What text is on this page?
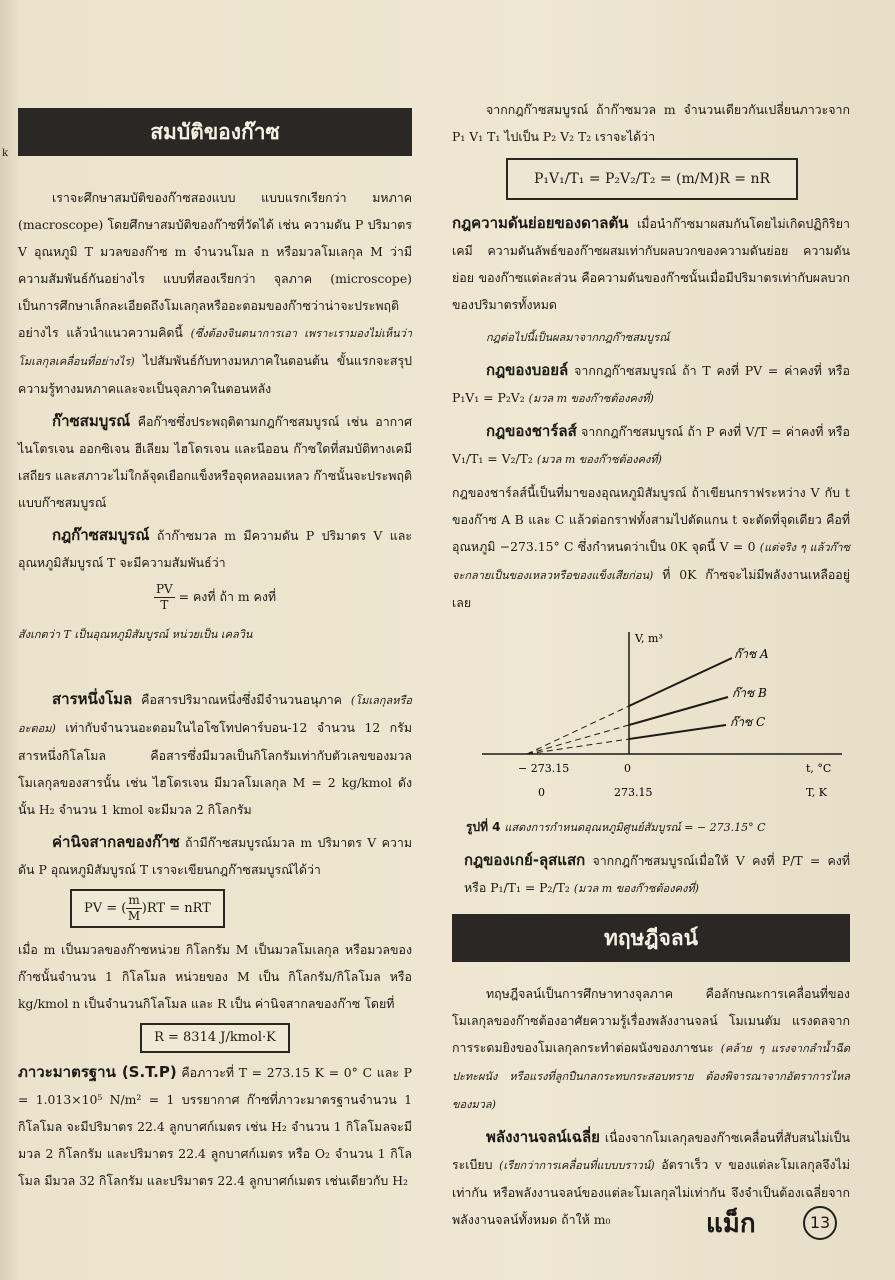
k
สมบัติของก๊าซ

เราจะศึกษาสมบัติของก๊าซสองแบบ แบบแรกเรียกว่า มหภาค (macroscope) โดยศึกษาสมบัติของก๊าซที่วัดได้ เช่น ความดัน P ปริมาตร V อุณหภูมิ T มวลของก๊าซ m จำนวนโมล n หรือมวลโมเลกุล M ว่ามีความสัมพันธ์กันอย่างไร แบบที่สองเรียกว่า จุลภาค (microscope) เป็นการศึกษาเล็กละเอียดถึงโมเลกุลหรืออะตอมของก๊าซว่าน่าจะประพฤติอย่างไร แล้วนำแนวความคิดนี้ (ซึ่งต้องจินตนาการเอา เพราะเรามองไม่เห็นว่าโมเลกุลเคลื่อนที่อย่างไร) ไปสัมพันธ์กับทางมหภาคในตอนต้น ขั้นแรกจะสรุปความรู้ทางมหภาคและจะเป็นจุลภาคในตอนหลัง

ก๊าซสมบูรณ์ คือก๊าซซึ่งประพฤติตามกฎก๊าซสมบูรณ์ เช่น อากาศ ไนโตรเจน ออกซิเจน ฮีเลียม ไฮโดรเจน และนีออน ก๊าซใดที่สมบัติทางเคมีเสถียร และสภาวะไม่ใกล้จุดเยือกแข็งหรือจุดหลอมเหลว ก๊าซนั้นจะประพฤติแบบก๊าซสมบูรณ์

กฎก๊าซสมบูรณ์ ถ้าก๊าซมวล m มีความดัน P ปริมาตร V และอุณหภูมิสัมบูรณ์ T จะมีความสัมพันธ์ว่า

$\frac{PV}{T}$ = คงที่ ถ้า m คงที่

สังเกตว่า T เป็นอุณหภูมิสัมบูรณ์ หน่วยเป็น เคลวิน

สารหนึ่งโมล คือสารปริมาณหนึ่งซึ่งมีจำนวนอนุภาค (โมเลกุลหรืออะตอม) เท่ากับจำนวนอะตอมในไอโซโทปคาร์บอน-12 จำนวน 12 กรัม สารหนึ่งกิโลโมล คือสารซึ่งมีมวลเป็นกิโลกรัมเท่ากับตัวเลขของมวลโมเลกุลของสารนั้น เช่น ไฮโดรเจน มีมวลโมเลกุล M = 2 kg/kmol ดังนั้น H₂ จำนวน 1 kmol จะมีมวล 2 กิโลกรัม

ค่านิจสากลของก๊าซ ถ้ามีก๊าซสมบูรณ์มวล m ปริมาตร V ความดัน P อุณหภูมิสัมบูรณ์ T เราจะเขียนกฎก๊าซสมบูรณ์ได้ว่า

PV = ( $\frac{m}{M} )RT$ = nRT

เมื่อ m เป็นมวลของก๊าซหน่วย กิโลกรัม M เป็นมวลโมเลกุล หรือมวลของก๊าซนั้นจำนวน 1 กิโลโมล หน่วยของ M เป็น กิโลกรัม/กิโลโมล หรือ kg/kmol n เป็นจำนวนกิโลโมล และ R เป็น ค่านิจสากลของก๊าซ โดยที่

R = 8314 J/kmol·K

ภาวะมาตรฐาน (S.T.P) คือภาวะที่ T = 273.15 K = 0° C และ P = 1.013×10⁵ N/m² = 1 บรรยากาศ ก๊าซที่ภาวะมาตรฐานจำนวน 1 กิโลโมล จะมีปริมาตร 22.4 ลูกบาศก์เมตร เช่น H₂ จำนวน 1 กิโลโมลจะมีมวล 2 กิโลกรัม และปริมาตร 22.4 ลูกบาศก์เมตร หรือ O₂ จำนวน 1 กิโลโมล มีมวล 32 กิโลกรัม และปริมาตร 22.4 ลูกบาศก์เมตร เช่นเดียวกับ H₂

จากกฎก๊าซสมบูรณ์ ถ้าก๊าซมวล m จำนวนเดียวกันเปลี่ยนภาวะจาก P₁ V₁ T₁ ไปเป็น P₂ V₂ T₂ เราจะได้ว่า

P₁V₁/T₁ = P₂V₂/T₂ = (m/M)R = nR

กฎความดันย่อยของดาลตัน เมื่อนำก๊าซมาผสมกันโดยไม่เกิดปฏิกิริยาเคมี ความดันลัพธ์ของก๊าซผสมเท่ากับผลบวกของความดันย่อย ความดันย่อย ของก๊าซแต่ละส่วน คือความดันของก๊าซนั้นเมื่อมีปริมาตรเท่ากับผลบวกของปริมาตรทั้งหมด

กฎต่อไปนี้เป็นผลมาจากกฎก๊าซสมบูรณ์

กฎของบอยล์ จากกฎก๊าซสมบูรณ์ ถ้า T คงที่ PV = ค่าคงที่ หรือ P₁V₁ = P₂V₂ (มวล m ของก๊าซต้องคงที่)

กฎของชาร์ลส์ จากกฎก๊าซสมบูรณ์ ถ้า P คงที่ V/T = ค่าคงที่ หรือ V₁/T₁ = V₂/T₂ (มวล m ของก๊าซต้องคงที่)

กฎของชาร์ลส์นี้เป็นที่มาของอุณหภูมิสัมบูรณ์ ถ้าเขียนกราฟระหว่าง V กับ t ของก๊าซ A B และ C แล้วต่อกราฟทั้งสามไปตัดแกน t จะตัดที่จุดเดียว คือที่อุณหภูมิ −273.15° C ซึ่งกำหนดว่าเป็น 0K จุดนี้ V = 0 (แต่จริง ๆ แล้วก๊าซจะกลายเป็นของเหลวหรือของแข็งเสียก่อน) ที่ 0K ก๊าซจะไม่มีพลังงานเหลืออยู่เลย

V, m³
ก๊าซ A
ก๊าซ B
ก๊าซ C
− 273.15	0	t, °C
0	273.15	T, K

รูปที่ 4 แสดงการกำหนดอุณหภูมิศูนย์สัมบูรณ์ = − 273.15° C

กฎของเกย์-ลุสแสก จากกฎก๊าซสมบูรณ์เมื่อให้ V คงที่ P/T = คงที่ หรือ P₁/T₁ = P₂/T₂ (มวล m ของก๊าซต้องคงที่)

ทฤษฎีจลน์

ทฤษฎีจลน์เป็นการศึกษาทางจุลภาค คือลักษณะการเคลื่อนที่ของโมเลกุลของก๊าซต้องอาศัยความรู้เรื่องพลังงานจลน์ โมเมนตัม แรงดลจากการระดมยิงของโมเลกุลกระทำต่อผนังของภาชนะ (คล้าย ๆ แรงจากลำน้ำฉีดปะทะผนัง หรือแรงที่ลูกปืนกลกระทบกระสอบทราย ต้องพิจารณาจากอัตราการไหลของมวล)

พลังงานจลน์เฉลี่ย เนื่องจากโมเลกุลของก๊าซเคลื่อนที่สับสนไม่เป็นระเบียบ (เรียกว่าการเคลื่อนที่แบบบราวน์) อัตราเร็ว v ของแต่ละโมเลกุลจึงไม่เท่ากัน หรือพลังงานจลน์ของแต่ละโมเลกุลไม่เท่ากัน จึงจำเป็นต้องเฉลี่ยจากพลังงานจลน์ทั้งหมด ถ้าให้ m₀	แม็ก	13
